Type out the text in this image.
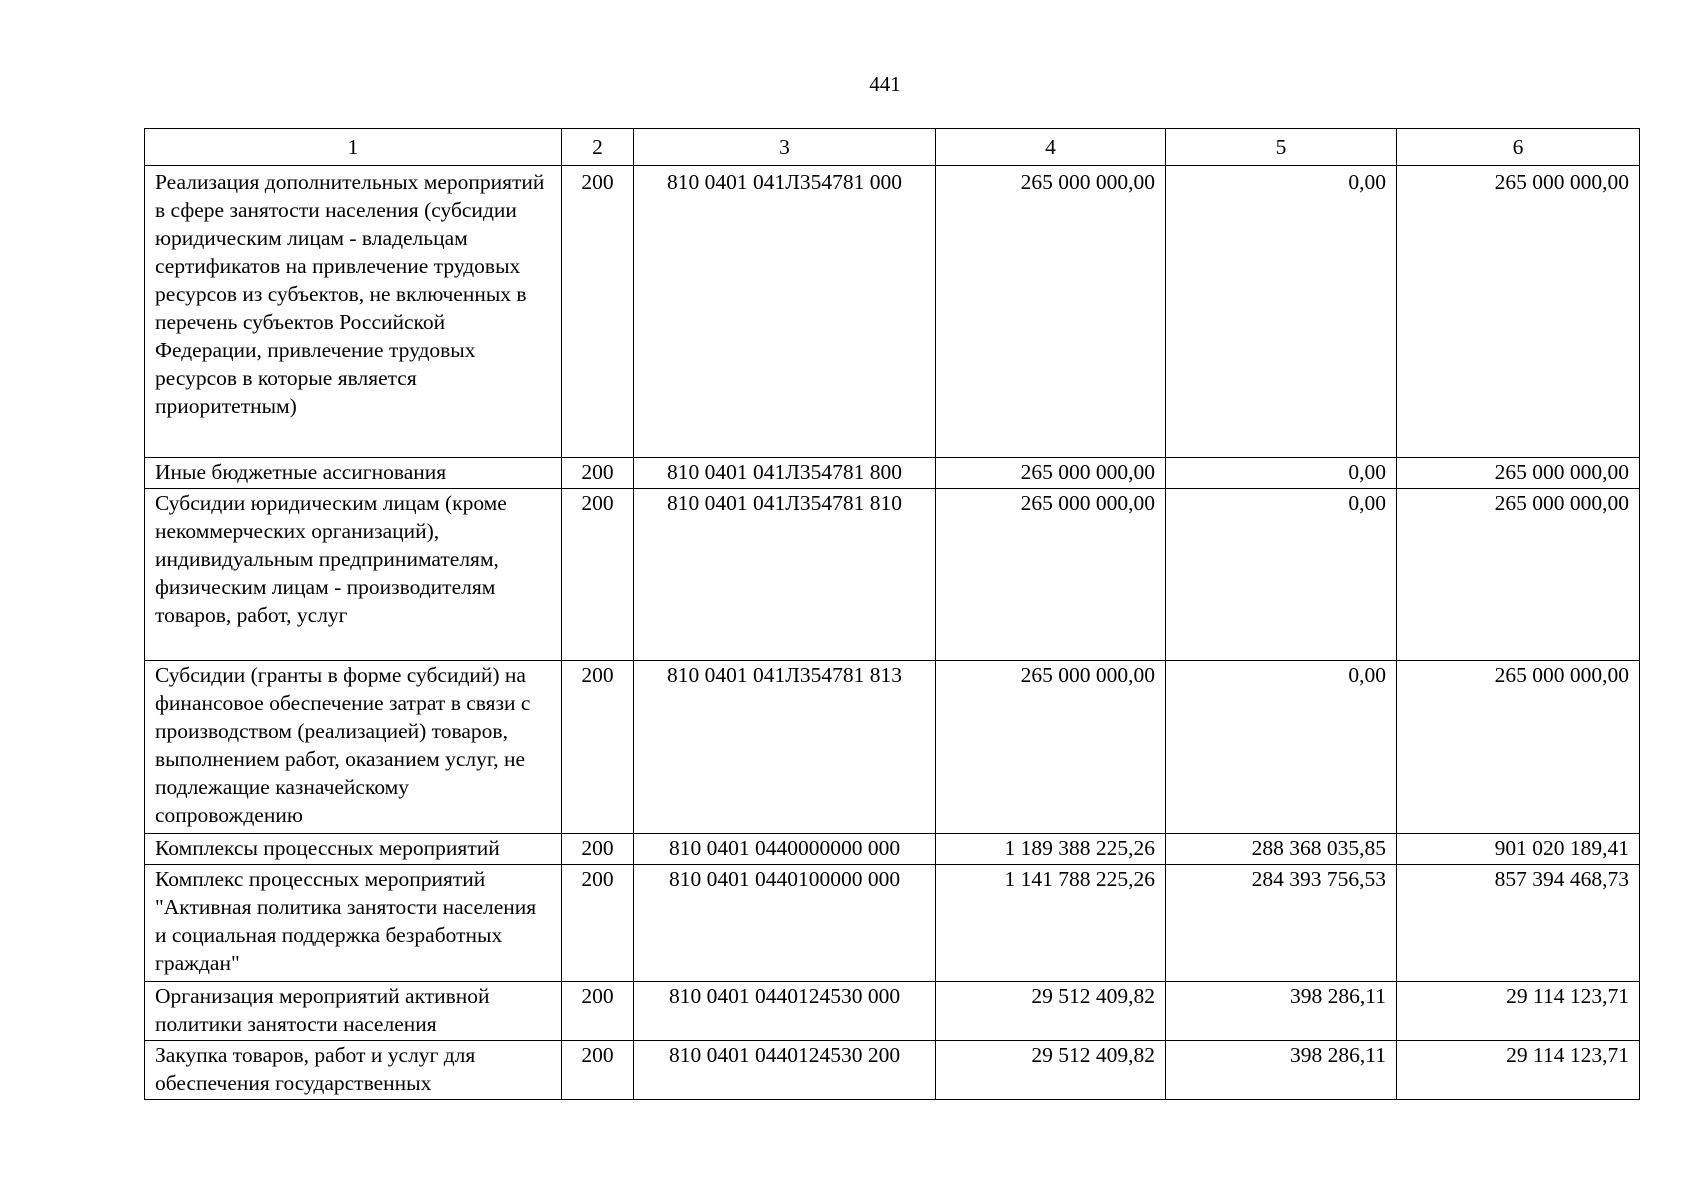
441
1	2	3	4	5	6
Реализация дополнительных мероприятий в сфере занятости населения (субсидии юридическим лицам - владельцам сертификатов на привлечение трудовых ресурсов из субъектов, не включенных в перечень субъектов Российской Федерации, привлечение трудовых ресурсов в которые является приоритетным)	200	810 0401 041Л354781 000	265 000 000,00	0,00	265 000 000,00
Иные бюджетные ассигнования	200	810 0401 041Л354781 800	265 000 000,00	0,00	265 000 000,00
Субсидии юридическим лицам (кроме некоммерческих организаций), индивидуальным предпринимателям, физическим лицам - производителям товаров, работ, услуг	200	810 0401 041Л354781 810	265 000 000,00	0,00	265 000 000,00
Субсидии (гранты в форме субсидий) на финансовое обеспечение затрат в связи с производством (реализацией) товаров, выполнением работ, оказанием услуг, не подлежащие казначейскому сопровождению	200	810 0401 041Л354781 813	265 000 000,00	0,00	265 000 000,00
Комплексы процессных мероприятий	200	810 0401 0440000000 000	1 189 388 225,26	288 368 035,85	901 020 189,41
Комплекс процессных мероприятий "Активная политика занятости населения и социальная поддержка безработных граждан"	200	810 0401 0440100000 000	1 141 788 225,26	284 393 756,53	857 394 468,73
Организация мероприятий активной политики занятости населения	200	810 0401 0440124530 000	29 512 409,82	398 286,11	29 114 123,71
Закупка товаров, работ и услуг для обеспечения государственных	200	810 0401 0440124530 200	29 512 409,82	398 286,11	29 114 123,71
